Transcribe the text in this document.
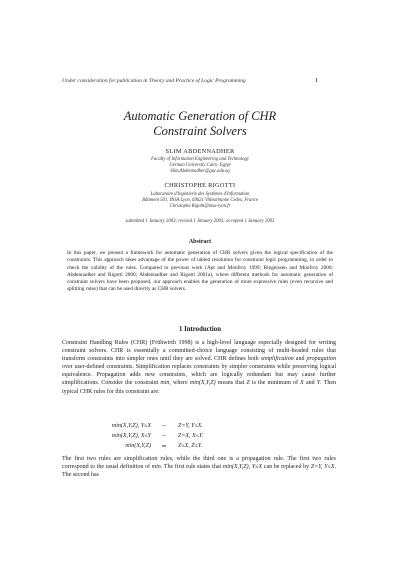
Under consideration for publication in Theory and Practice of Logic Programming	1
Automatic Generation of CHR
Constraint Solvers
SLIM ABDENNADHER
Faculty of Information Engineering and Technology
German University Cairo, Egypt
Slim.Abdennadher@guc.edu.eg
CHRISTOPHE RIGOTTI
Laboratoire d'Ingénierie des Systèmes d'Information
Bâtiment 501, INSA Lyon, 69621 Villeurbanne Cedex, France
Christophe.Rigotti@insa-lyon.fr
submitted 1 January 2003; revised 1 January 2003; accepted 1 January 2003
Abstract
In this paper, we present a framework for automatic generation of CHR solvers given the logical specification of the constraints. This approach takes advantage of the power of tabled resolution for constraint logic programming, in order to check the validity of the rules. Compared to previous work (Apt and Monfroy 1999; Ringeissen and Monfroy 2000; Abdennadher and Rigotti 2000; Abdennadher and Rigotti 2001a), where different methods for automatic generation of constraint solvers have been proposed, our approach enables the generation of more expressive rules (even recursive and splitting rules) that can be used directly as CHR solvers.
1 Introduction
Constraint Handling Rules (CHR) (Frühwirth 1998) is a high-level language especially designed for writing constraint solvers. CHR is essentially a committed-choice language consisting of multi-headed rules that transform constraints into simpler ones until they are solved. CHR defines both simplification and propagation over user-defined constraints. Simplification replaces constraints by simpler constraints while preserving logical equivalence. Propagation adds new constraints, which are logically redundant but may cause further simplifications. Consider the constraint min, where min(X,Y,Z) means that Z is the minimum of X and Y. Then typical CHR rules for this constraint are:
min(X,Y,Z), Y≤X	⇔	Z=Y, Y≤X.
min(X,Y,Z), X≤Y	⇔	Z=X, X≤Y.
min(X,Y,Z)	⇒	Z≤X, Z≤Y.
The first two rules are simplification rules, while the third one is a propagation rule. The first two rules correspond to the usual definition of min. The first rule states that min(X,Y,Z), Y≤X can be replaced by Z=Y, Y≤X. The second has
